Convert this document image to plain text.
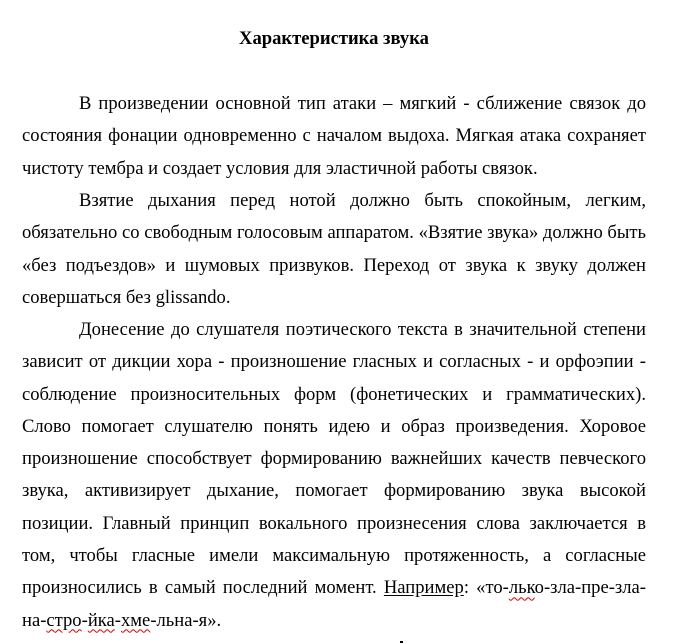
Характеристика звука

В произведении основной тип атаки – мягкий - сближение связок до состояния фонации одновременно с началом выдоха. Мягкая атака сохраняет чистоту тембра и создает условия для эластичной работы связок.

Взятие дыхания перед нотой должно быть спокойным, легким, обязательно со свободным голосовым аппаратом. «Взятие звука» должно быть «без подъездов» и шумовых призвуков. Переход от звука к звуку должен совершаться без glissando.

Донесение до слушателя поэтического текста в значительной степени зависит от дикции хора - произношение гласных и согласных - и орфоэпии - соблюдение произносительных форм (фонетических и грамматических). Слово помогает слушателю понять идею и образ произведения. Хоровое произношение способствует формированию важнейших качеств певческого звука, активизирует дыхание, помогает формированию звука высокой позиции. Главный принцип вокального произнесения слова заключается в том, чтобы гласные имели максимальную протяженность, а согласные произносились в самый последний момент. Например: «то-лько-зла-пре-зла-на-стро-йка-хме-льна-я».
